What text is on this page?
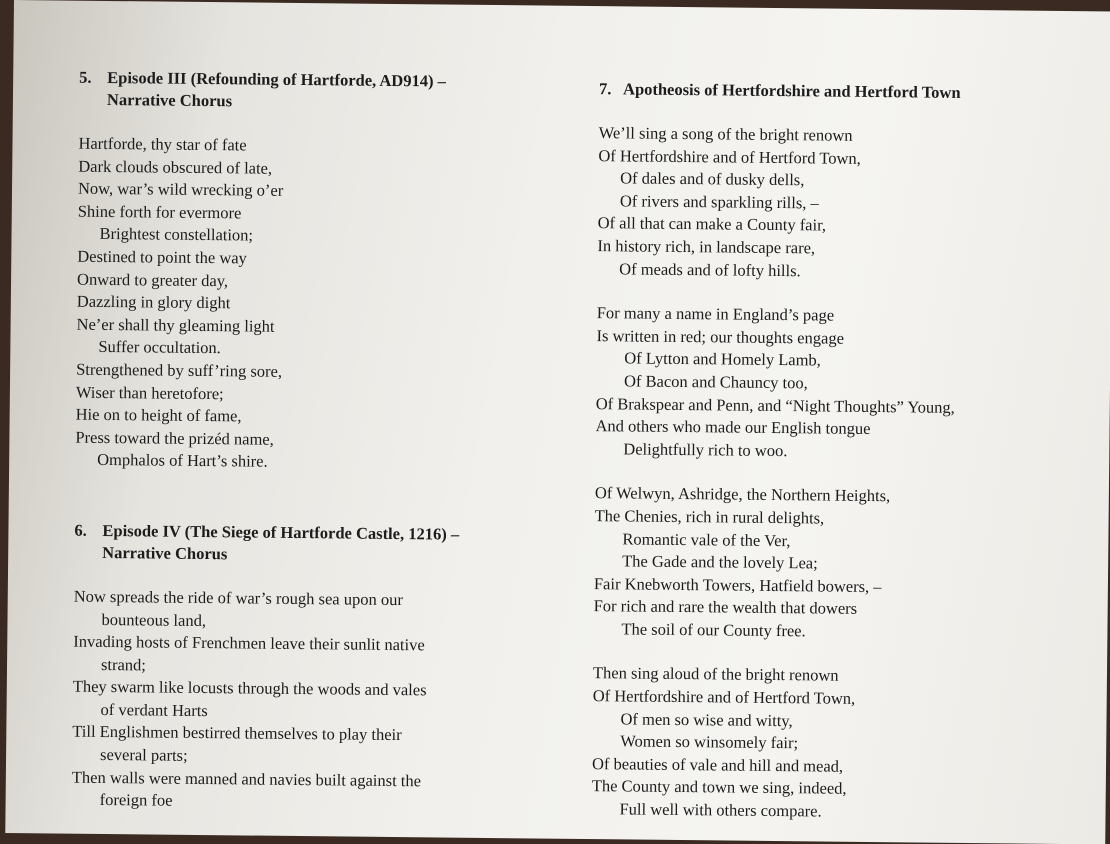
5. Episode III (Refounding of Hartforde, AD914) –
Narrative Chorus
Hartforde, thy star of fate
Dark clouds obscured of late,
Now, war’s wild wrecking o’er
Shine forth for evermore
Brightest constellation;
Destined to point the way
Onward to greater day,
Dazzling in glory dight
Ne’er shall thy gleaming light
Suffer occultation.
Strengthened by suff’ring sore,
Wiser than heretofore;
Hie on to height of fame,
Press toward the prizéd name,
Omphalos of Hart’s shire.
6. Episode IV (The Siege of Hartforde Castle, 1216) –
Narrative Chorus
Now spreads the ride of war’s rough sea upon our
bounteous land,
Invading hosts of Frenchmen leave their sunlit native
strand;
They swarm like locusts through the woods and vales
of verdant Harts
Till Englishmen bestirred themselves to play their
several parts;
Then walls were manned and navies built against the
foreign foe
7. Apotheosis of Hertfordshire and Hertford Town
We’ll sing a song of the bright renown
Of Hertfordshire and of Hertford Town,
Of dales and of dusky dells,
Of rivers and sparkling rills, –
Of all that can make a County fair,
In history rich, in landscape rare,
Of meads and of lofty hills.
For many a name in England’s page
Is written in red; our thoughts engage
Of Lytton and Homely Lamb,
Of Bacon and Chauncy too,
Of Brakspear and Penn, and “Night Thoughts” Young,
And others who made our English tongue
Delightfully rich to woo.
Of Welwyn, Ashridge, the Northern Heights,
The Chenies, rich in rural delights,
Romantic vale of the Ver,
The Gade and the lovely Lea;
Fair Knebworth Towers, Hatfield bowers, –
For rich and rare the wealth that dowers
The soil of our County free.
Then sing aloud of the bright renown
Of Hertfordshire and of Hertford Town,
Of men so wise and witty,
Women so winsomely fair;
Of beauties of vale and hill and mead,
The County and town we sing, indeed,
Full well with others compare.
